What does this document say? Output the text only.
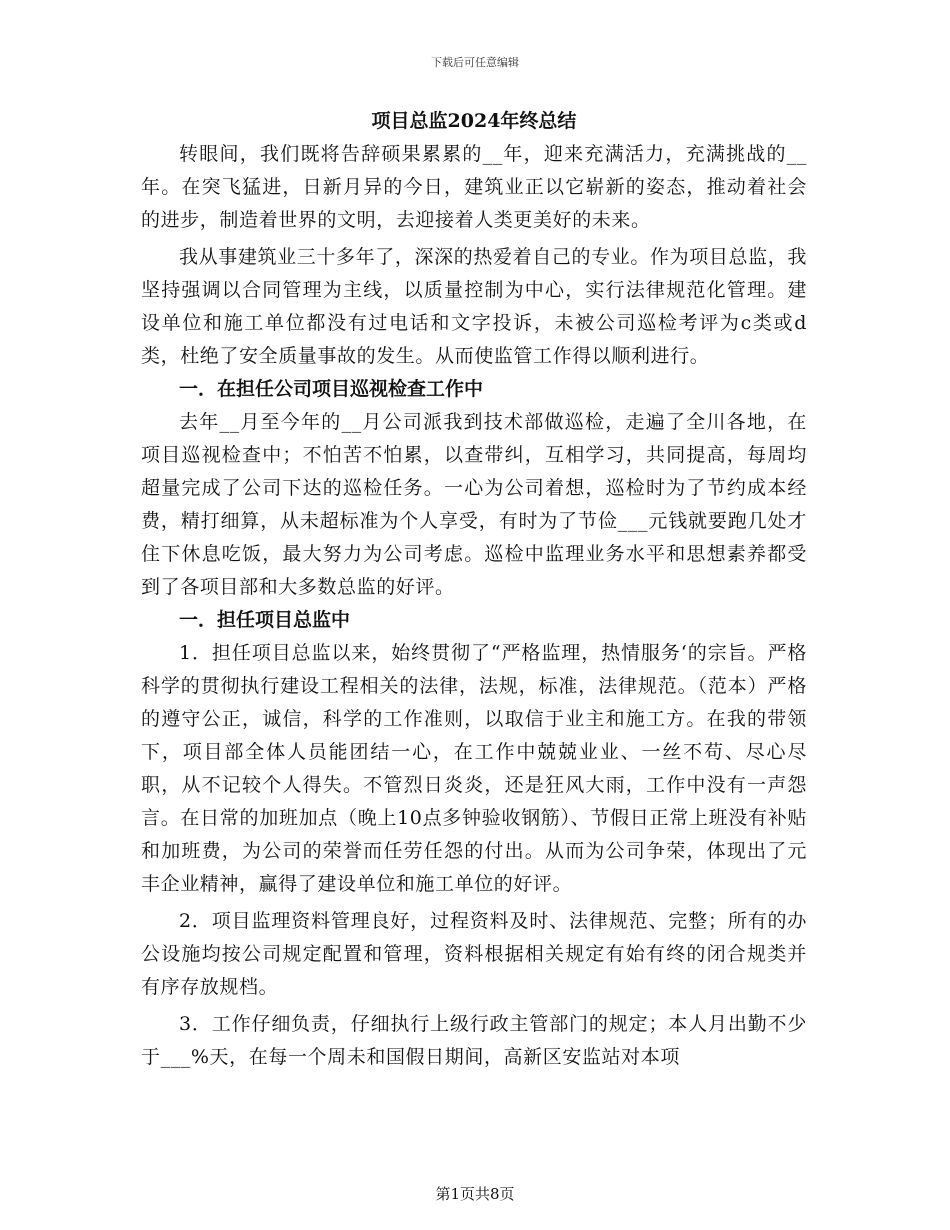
下载后可任意编辑
项目总监2024年终总结

转眼间，我们既将告辞硕果累累的__年，迎来充满活力，充满挑战的__年。在突飞猛进，日新月异的今日，建筑业正以它崭新的姿态，推动着社会的进步，制造着世界的文明，去迎接着人类更美好的未来。

我从事建筑业三十多年了，深深的热爱着自己的专业。作为项目总监，我坚持强调以合同管理为主线，以质量控制为中心，实行法律规范化管理。建设单位和施工单位都没有过电话和文字投诉，未被公司巡检考评为c类或d类，杜绝了安全质量事故的发生。从而使监管工作得以顺利进行。

一．在担任公司项目巡视检查工作中

去年__月至今年的__月公司派我到技术部做巡检，走遍了全川各地，在项目巡视检查中；不怕苦不怕累，以查带纠，互相学习，共同提高，每周均超量完成了公司下达的巡检任务。一心为公司着想，巡检时为了节约成本经费，精打细算，从未超标准为个人享受，有时为了节俭___元钱就要跑几处才住下休息吃饭，最大努力为公司考虑。巡检中监理业务水平和思想素养都受到了各项目部和大多数总监的好评。

一．担任项目总监中

1．担任项目总监以来，始终贯彻了“严格监理，热情服务‘的宗旨。严格科学的贯彻执行建设工程相关的法律，法规，标准，法律规范。（范本）严格的遵守公正，诚信，科学的工作准则，以取信于业主和施工方。在我的带领下，项目部全体人员能团结一心，在工作中兢兢业业、一丝不苟、尽心尽职，从不记较个人得失。不管烈日炎炎，还是狂风大雨，工作中没有一声怨言。在日常的加班加点（晚上10点多钟验收钢筋）、节假日正常上班没有补贴和加班费，为公司的荣誉而任劳任怨的付出。从而为公司争荣，体现出了元丰企业精神，赢得了建设单位和施工单位的好评。

2．项目监理资料管理良好，过程资料及时、法律规范、完整；所有的办公设施均按公司规定配置和管理，资料根据相关规定有始有终的闭合规类并有序存放规档。

3．工作仔细负责，仔细执行上级行政主管部门的规定；本人月出勤不少于___%天，在每一个周未和国假日期间，高新区安监站对本项

第1页共8页
